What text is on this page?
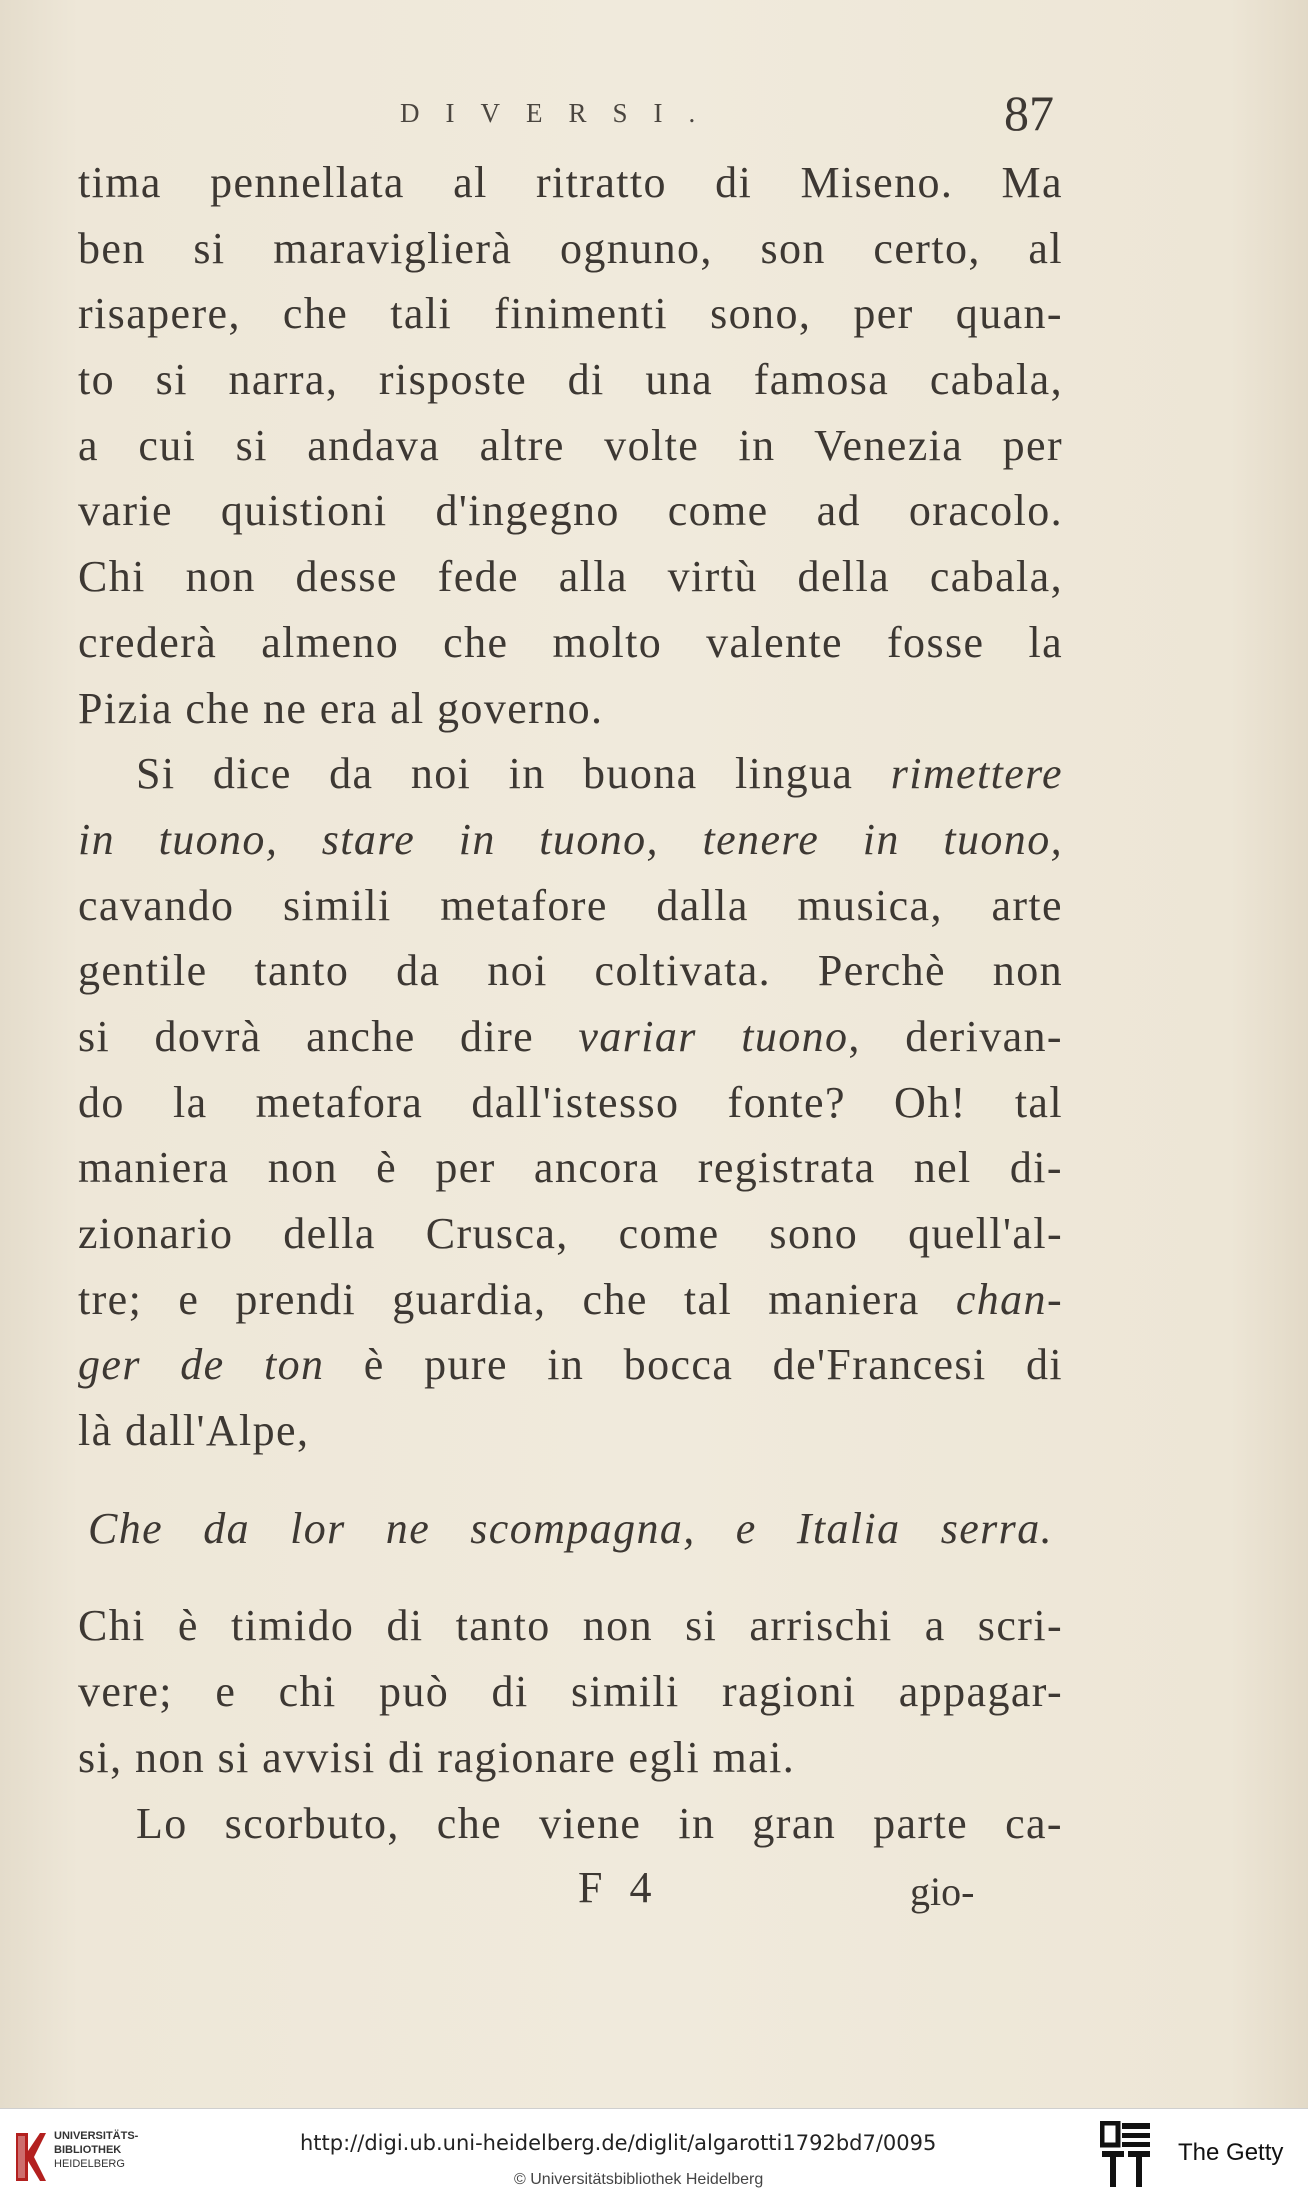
DIVERSI.	87
tima pennellata al ritratto di Miseno. Ma
ben si maraviglierà ognuno, son certo, al
risapere, che tali finimenti sono, per quan-
to si narra, risposte di una famosa cabala,
a cui si andava altre volte in Venezia per
varie quistioni d'ingegno come ad oracolo.
Chi non desse fede alla virtù della cabala,
crederà almeno che molto valente fosse la
Pizia che ne era al governo.
Si dice da noi in buona lingua rimettere
in tuono, stare in tuono, tenere in tuono,
cavando simili metafore dalla musica, arte
gentile tanto da noi coltivata. Perchè non
si dovrà anche dire variar tuono, derivan-
do la metafora dall'istesso fonte? Oh! tal
maniera non è per ancora registrata nel di-
zionario della Crusca, come sono quell'al-
tre; e prendi guardia, che tal maniera chan-
ger de ton è pure in bocca de'Francesi di
là dall'Alpe,
Che da lor ne scompagna, e Italia serra.
Chi è timido di tanto non si arrischi a scri-
vere; e chi può di simili ragioni appagar-
si, non si avvisi di ragionare egli mai.
Lo scorbuto, che viene in gran parte ca-
F 4	gio-
UNIVERSITÄTS-
BIBLIOTHEK
HEIDELBERG
http://digi.ub.uni-heidelberg.de/diglit/algarotti1792bd7/0095
© Universitätsbibliothek Heidelberg
The Getty
